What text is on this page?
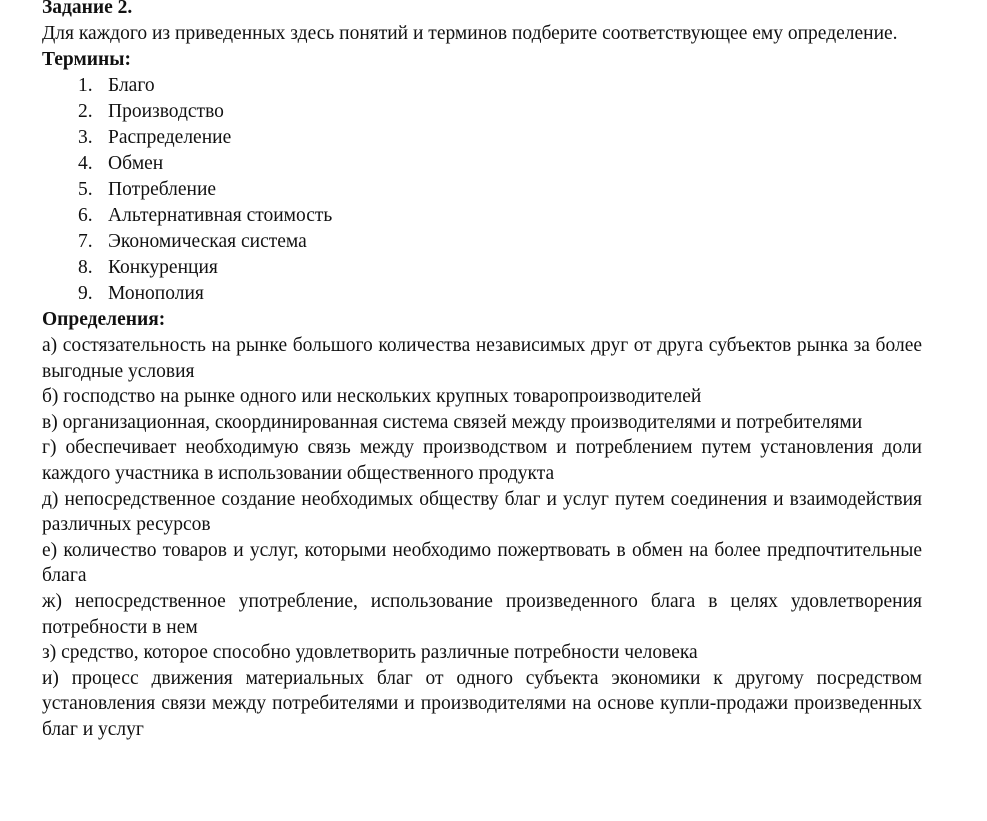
Задание 2.

Для каждого из приведенных здесь понятий и терминов подберите соответствующее ему определение.

Термины:

1. Благо
2. Производство
3. Распределение
4. Обмен
5. Потребление
6. Альтернативная стоимость
7. Экономическая система
8. Конкуренция
9. Монополия

Определения:

а) состязательность на рынке большого количества независимых друг от друга субъектов рынка за более выгодные условия
б) господство на рынке одного или нескольких крупных товаропроизводителей
в) организационная, скоординированная система связей между производителями и потребителями
г) обеспечивает необходимую связь между производством и потреблением путем установления доли каждого участника в использовании общественного продукта
д) непосредственное создание необходимых обществу благ и услуг путем соединения и взаимодействия различных ресурсов
е) количество товаров и услуг, которыми необходимо пожертвовать в обмен на более предпочтительные блага
ж) непосредственное употребление, использование произведенного блага в целях удовлетворения потребности в нем
з) средство, которое способно удовлетворить различные потребности человека
и) процесс движения материальных благ от одного субъекта экономики к другому посредством установления связи между потребителями и производителями на основе купли-продажи произведенных благ и услуг
